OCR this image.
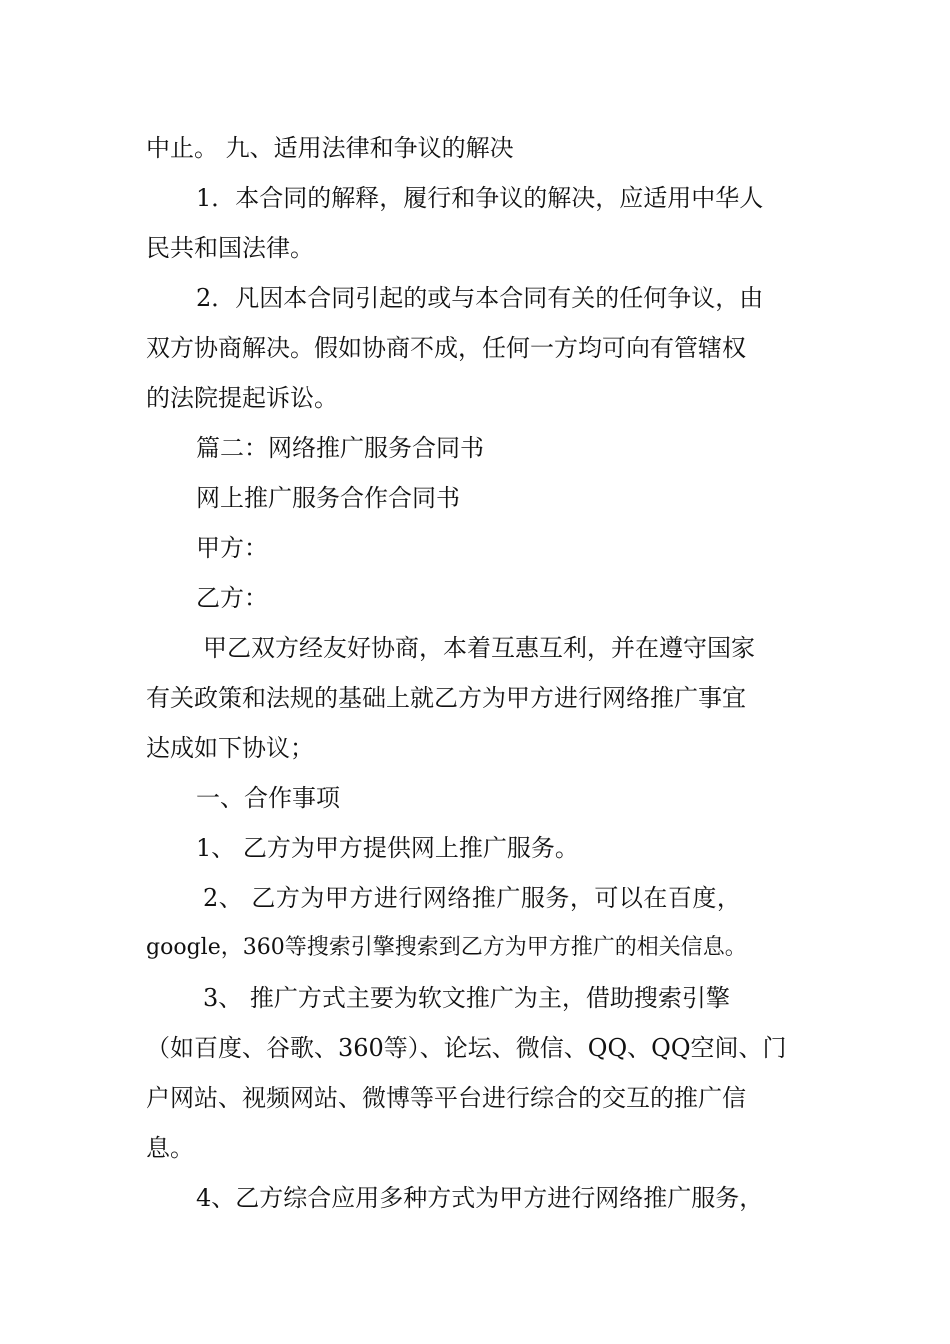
中止。 九、适用法律和争议的解决
1．本合同的解释，履行和争议的解决，应适用中华人
民共和国法律。
2．凡因本合同引起的或与本合同有关的任何争议，由
双方协商解决。假如协商不成，任何一方均可向有管辖权
的法院提起诉讼。
篇二：网络推广服务合同书
网上推广服务合作合同书
甲方：
乙方：
甲乙双方经友好协商，本着互惠互利，并在遵守国家
有关政策和法规的基础上就乙方为甲方进行网络推广事宜
达成如下协议；
一、合作事项
1、 乙方为甲方提供网上推广服务。
2、 乙方为甲方进行网络推广服务，可以在百度，
google，360等搜索引擎搜索到乙方为甲方推广的相关信息。
3、 推广方式主要为软文推广为主，借助搜索引擎
（如百度、谷歌、360等）、论坛、微信、QQ、QQ空间、门
户网站、视频网站、微博等平台进行综合的交互的推广信
息。
4、乙方综合应用多种方式为甲方进行网络推广服务，
